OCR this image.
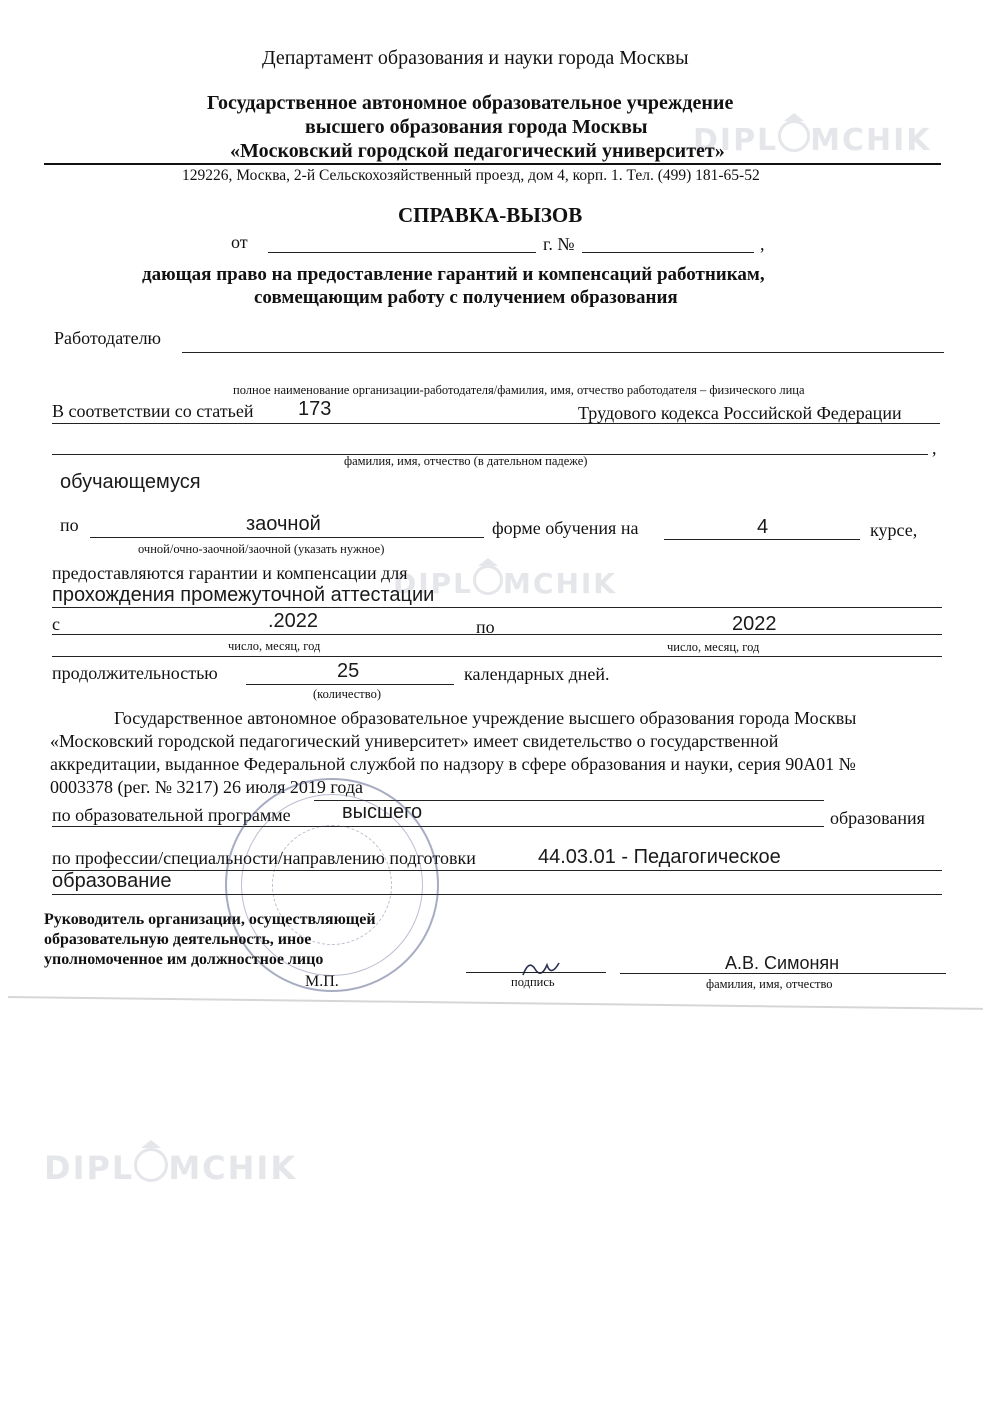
DIPL MCHIK
DIPL MCHIK
DIPL MCHIK
Департамент образования и науки города Москвы
Государственное автономное образовательное учреждение
высшего образования города Москвы
«Московский городской педагогический университет»
129226, Москва, 2-й Сельскохозяйственный проезд, дом 4, корп. 1. Тел. (499) 181-65-52
СПРАВКА-ВЫЗОВ
от	г. №	,
дающая право на предоставление гарантий и компенсаций работникам,
совмещающим работу с получением образования
Работодателю
полное наименование организации-работодателя/фамилия, имя, отчество работодателя – физического лица
В соответствии со статьей 173	Трудового кодекса Российской Федерации
,
фамилия, имя, отчество (в дательном падеже)
обучающемуся
по	заочной
очной/очно-заочной/заочной (указать нужное)
форме обучения на	4	курсе,
предоставляются гарантии и компенсации для
прохождения промежуточной аттестации
с	.2022	по	2022
число, месяц, год	число, месяц, год
продолжительностью	25
(количество)
календарных дней.
Государственное автономное образовательное учреждение высшего образования города Москвы
«Московский городской педагогический университет» имеет свидетельство о государственной
аккредитации, выданное Федеральной службой по надзору в сфере образования и науки, серия 90А01 №
0003378 (рег. № 3217) 26 июля 2019 года
по образовательной программе	высшего	образования
по профессии/специальности/направлению подготовки	44.03.01 - Педагогическое
образование
Руководитель организации, осуществляющей
образовательную деятельность, иное
уполномоченное им должностное лицо
М.П.	подпись
А.В. Симонян
фамилия, имя, отчество
